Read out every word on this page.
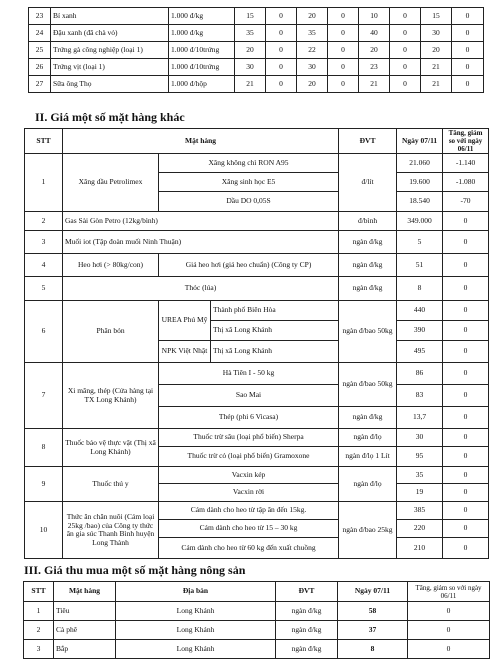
23	Bí xanh	1.000 đ/kg	15	0	20	0	10	0	15	0
24	Đậu xanh (đã chà vỏ)	1.000 đ/kg	35	0	35	0	40	0	30	0
25	Trứng gà công nghiệp (loại 1)	1.000 đ/10trứng	20	0	22	0	20	0	20	0
26	Trứng vịt (loại 1)	1.000 đ/10trứng	30	0	30	0	23	0	21	0
27	Sữa ông Thọ	1.000 đ/hộp	21	0	20	0	21	0	21	0
II. Giá một số mặt hàng khác
STT	Mặt hàng			ĐVT	Ngày 07/11	Tăng, giảm so với ngày 06/11
1	Xăng dầu Petrolimex	Xăng không chì RON A95		đ/lít	21.060	-1.140
		Xăng sinh học E5			19.600	-1.080
		Dầu DO 0,05S			18.540	-70
2	Gas Sài Gòn Petro (12kg/bình)			đ/bình	349.000	0
3	Muối iot (Tập đoàn muối Ninh Thuận)			ngàn đ/kg	5	0
4	Heo hơi (> 80kg/con)	Giá heo hơi (giá heo chuẩn) (Công ty CP)		ngàn đ/kg	51	0
5	Thóc (lúa)			ngàn đ/kg	8	0
6	Phân bón	UREA Phú Mỹ	Thành phố Biên Hòa	ngàn đ/bao 50kg	440	0
			Thị xã Long Khánh		390	0
		NPK Việt Nhật	Thị xã Long Khánh		495	0
7	Xi măng, thép (Cửa hàng tại TX Long Khánh)	Hà Tiên I - 50 kg		ngàn đ/bao 50kg	86	0
		Sao Mai			83	0
		Thép (phi 6 Vicasa)		ngàn đ/kg	13,7	0
8	Thuốc bảo vệ thực vật (Thị xã Long Khánh)	Thuốc trừ sâu (loại phổ biến) Sherpa		ngàn đ/lọ	30	0
		Thuốc trừ cỏ (loại phổ biến) Gramoxone		ngàn đ/lọ 1 Lít	95	0
9	Thuốc thú y	Vacxin kép		ngàn đ/lọ	35	0
		Vacxin rời			19	0
10	Thức ăn chăn nuôi (Cám loại 25kg /bao) của Công ty thức ăn gia súc Thanh Bình huyện Long Thành	Cám dành cho heo từ tập ăn đến 15kg.		ngàn đ/bao 25kg	385	0
		Cám dành cho heo từ 15 – 30 kg			220	0
		Cám dành cho heo từ 60 kg đến xuất chuồng			210	0
III. Giá thu mua một số mặt hàng nông sản
STT	Mặt hàng	Địa bàn	ĐVT	Ngày 07/11	Tăng, giảm so với ngày 06/11
1	Tiêu	Long Khánh	ngàn đ/kg	58	0
2	Cà phê	Long Khánh	ngàn đ/kg	37	0
3	Bắp	Long Khánh	ngàn đ/kg	8	0
